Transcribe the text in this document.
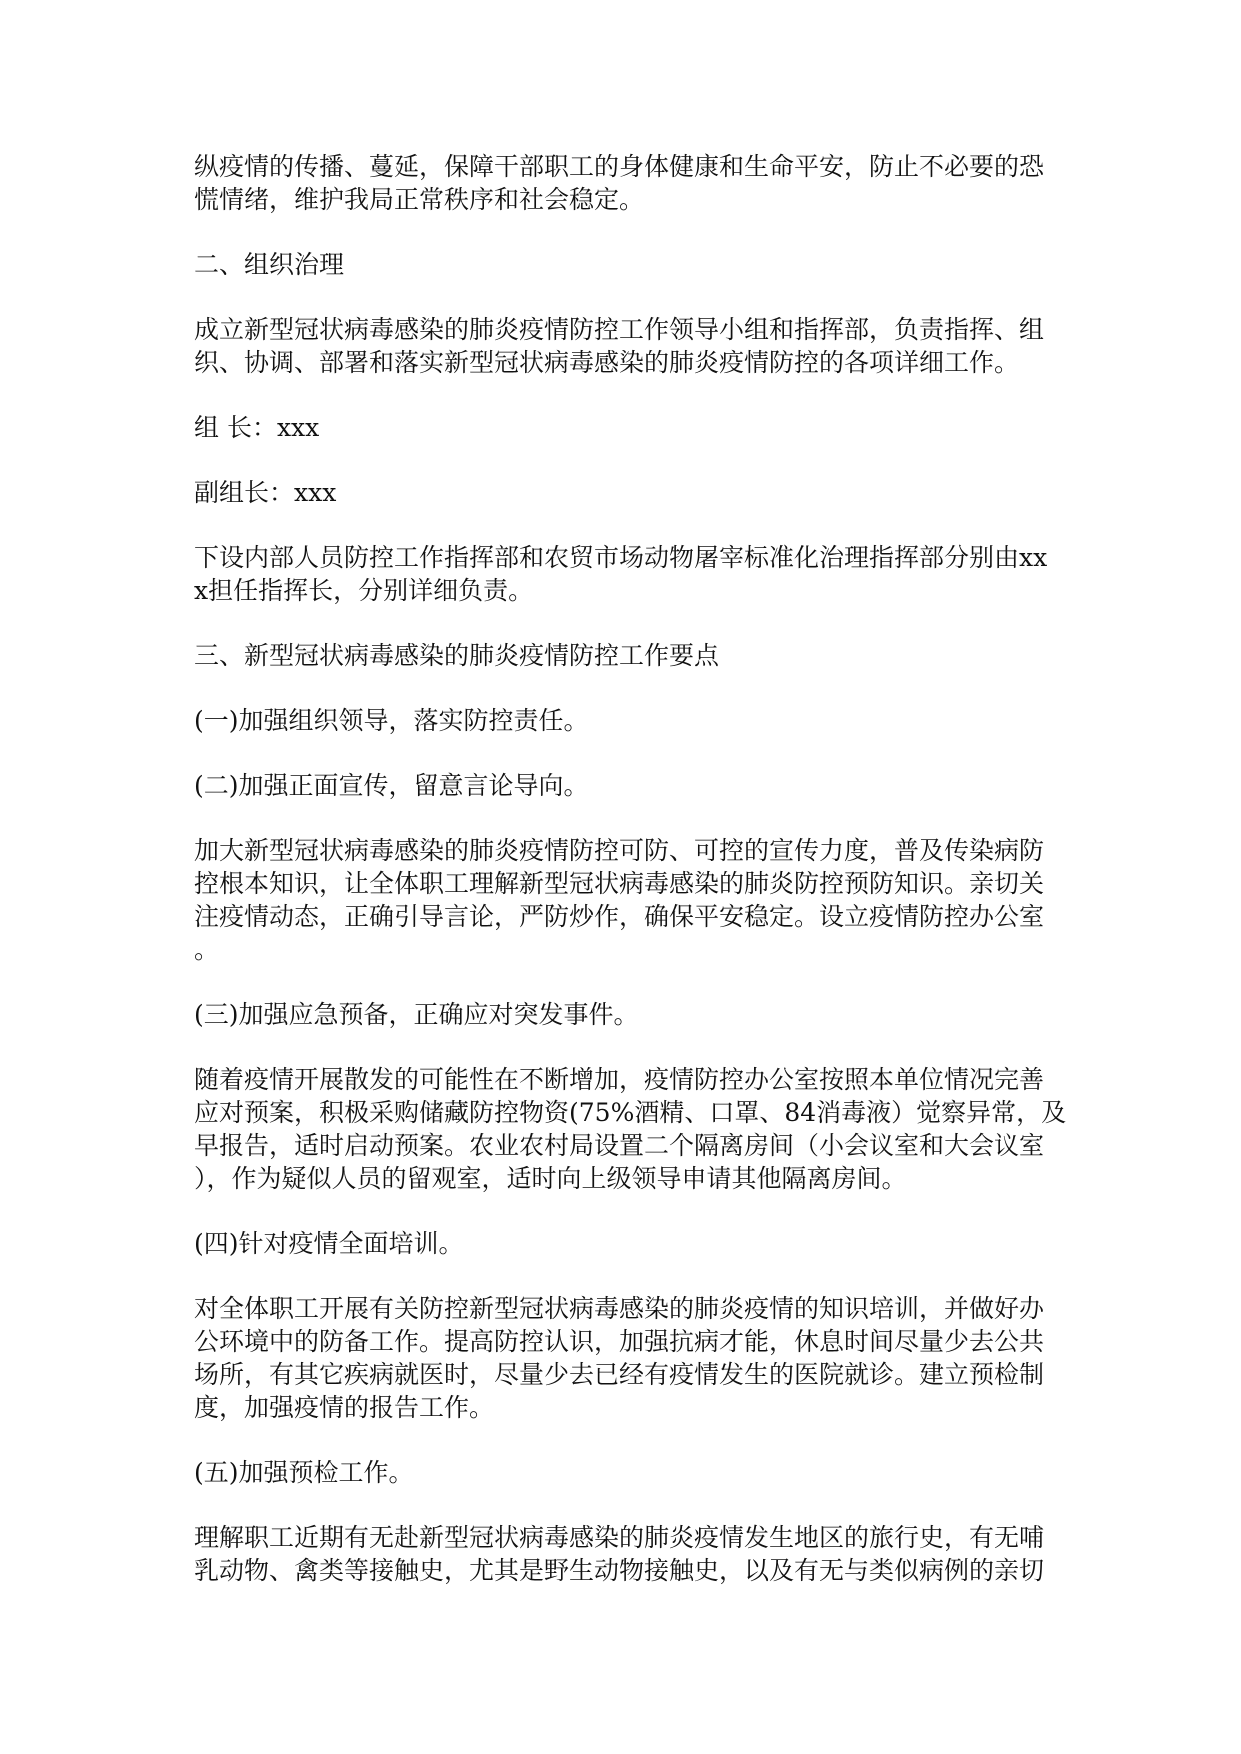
纵疫情的传播、蔓延，保障干部职工的身体健康和生命平安，防止不必要的恐
慌情绪，维护我局正常秩序和社会稳定。

二、组织治理

成立新型冠状病毒感染的肺炎疫情防控工作领导小组和指挥部，负责指挥、组
织、协调、部署和落实新型冠状病毒感染的肺炎疫情防控的各项详细工作。

组 长：xxx

副组长：xxx

下设内部人员防控工作指挥部和农贸市场动物屠宰标准化治理指挥部分别由xx
x担任指挥长，分别详细负责。

三、新型冠状病毒感染的肺炎疫情防控工作要点

(一)加强组织领导，落实防控责任。

(二)加强正面宣传，留意言论导向。

加大新型冠状病毒感染的肺炎疫情防控可防、可控的宣传力度，普及传染病防
控根本知识，让全体职工理解新型冠状病毒感染的肺炎防控预防知识。亲切关
注疫情动态，正确引导言论，严防炒作，确保平安稳定。设立疫情防控办公室
。

(三)加强应急预备，正确应对突发事件。

随着疫情开展散发的可能性在不断增加，疫情防控办公室按照本单位情况完善
应对预案，积极采购储藏防控物资(75%酒精、口罩、84消毒液）觉察异常，及
早报告，适时启动预案。农业农村局设置二个隔离房间（小会议室和大会议室
），作为疑似人员的留观室，适时向上级领导申请其他隔离房间。

(四)针对疫情全面培训。

对全体职工开展有关防控新型冠状病毒感染的肺炎疫情的知识培训，并做好办
公环境中的防备工作。提高防控认识，加强抗病才能，休息时间尽量少去公共
场所，有其它疾病就医时，尽量少去已经有疫情发生的医院就诊。建立预检制
度，加强疫情的报告工作。

(五)加强预检工作。

理解职工近期有无赴新型冠状病毒感染的肺炎疫情发生地区的旅行史，有无哺
乳动物、禽类等接触史，尤其是野生动物接触史，以及有无与类似病例的亲切
